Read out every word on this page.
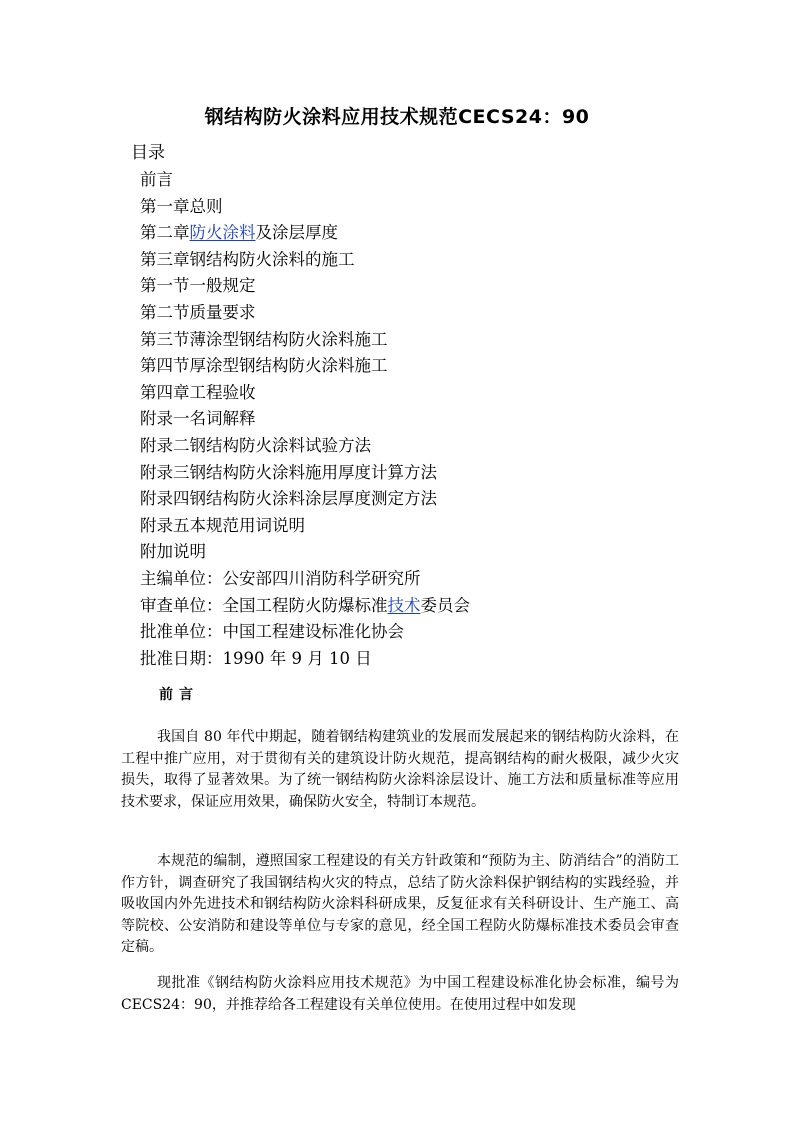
钢结构防火涂料应用技术规范CECS24：90
目录
前言
第一章总则
第二章防火涂料及涂层厚度
第三章钢结构防火涂料的施工
第一节一般规定
第二节质量要求
第三节薄涂型钢结构防火涂料施工
第四节厚涂型钢结构防火涂料施工
第四章工程验收
附录一名词解释
附录二钢结构防火涂料试验方法
附录三钢结构防火涂料施用厚度计算方法
附录四钢结构防火涂料涂层厚度测定方法
附录五本规范用词说明
附加说明
主编单位：公安部四川消防科学研究所
审查单位：全国工程防火防爆标准技术委员会
批准单位：中国工程建设标准化协会
批准日期：1990 年 9 月 10 日
前言

我国自 80 年代中期起，随着钢结构建筑业的发展而发展起来的钢结构防火涂料，在工程中推广应用，对于贯彻有关的建筑设计防火规范，提高钢结构的耐火极限，减少火灾损失，取得了显著效果。为了统一钢结构防火涂料涂层设计、施工方法和质量标准等应用技术要求，保证应用效果，确保防火安全，特制订本规范。

本规范的编制，遵照国家工程建设的有关方针政策和“预防为主、防消结合”的消防工作方针，调查研究了我国钢结构火灾的特点，总结了防火涂料保护钢结构的实践经验，并吸收国内外先进技术和钢结构防火涂料科研成果，反复征求有关科研设计、生产施工、高等院校、公安消防和建设等单位与专家的意见，经全国工程防火防爆标准技术委员会审查定稿。

现批准《钢结构防火涂料应用技术规范》为中国工程建设标准化协会标准，编号为 CECS24：90，并推荐给各工程建设有关单位使用。在使用过程中如发现
